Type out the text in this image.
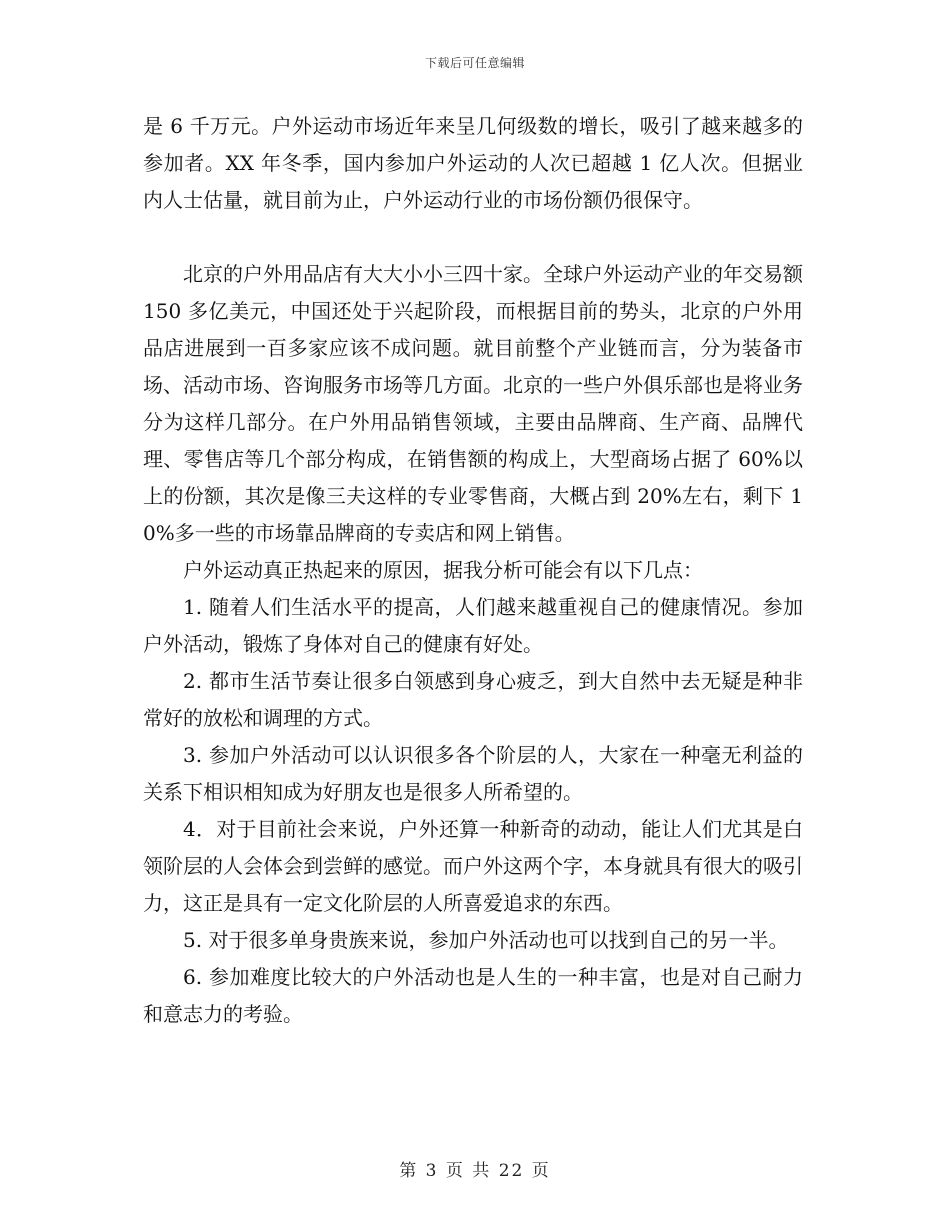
下载后可任意编辑

是 6 千万元。户外运动市场近年来呈几何级数的增长，吸引了越来越多的参加者。XX 年冬季，国内参加户外运动的人次已超越 1 亿人次。但据业内人士估量，就目前为止，户外运动行业的市场份额仍很保守。

北京的户外用品店有大大小小三四十家。全球户外运动产业的年交易额 150 多亿美元，中国还处于兴起阶段，而根据目前的势头，北京的户外用品店进展到一百多家应该不成问题。就目前整个产业链而言，分为装备市场、活动市场、咨询服务市场等几方面。北京的一些户外俱乐部也是将业务分为这样几部分。在户外用品销售领域，主要由品牌商、生产商、品牌代理、零售店等几个部分构成，在销售额的构成上，大型商场占据了 60%以上的份额，其次是像三夫这样的专业零售商，大概占到 20%左右，剩下 10%多一些的市场靠品牌商的专卖店和网上销售。

户外运动真正热起来的原因，据我分析可能会有以下几点：

1. 随着人们生活水平的提高，人们越来越重视自己的健康情况。参加户外活动，锻炼了身体对自己的健康有好处。

2. 都市生活节奏让很多白领感到身心疲乏，到大自然中去无疑是种非常好的放松和调理的方式。

3. 参加户外活动可以认识很多各个阶层的人，大家在一种毫无利益的关系下相识相知成为好朋友也是很多人所希望的。

4．对于目前社会来说，户外还算一种新奇的动动，能让人们尤其是白领阶层的人会体会到尝鲜的感觉。而户外这两个字，本身就具有很大的吸引力，这正是具有一定文化阶层的人所喜爱追求的东西。

5. 对于很多单身贵族来说，参加户外活动也可以找到自己的另一半。

6. 参加难度比较大的户外活动也是人生的一种丰富，也是对自己耐力和意志力的考验。

第 3 页 共 22 页
